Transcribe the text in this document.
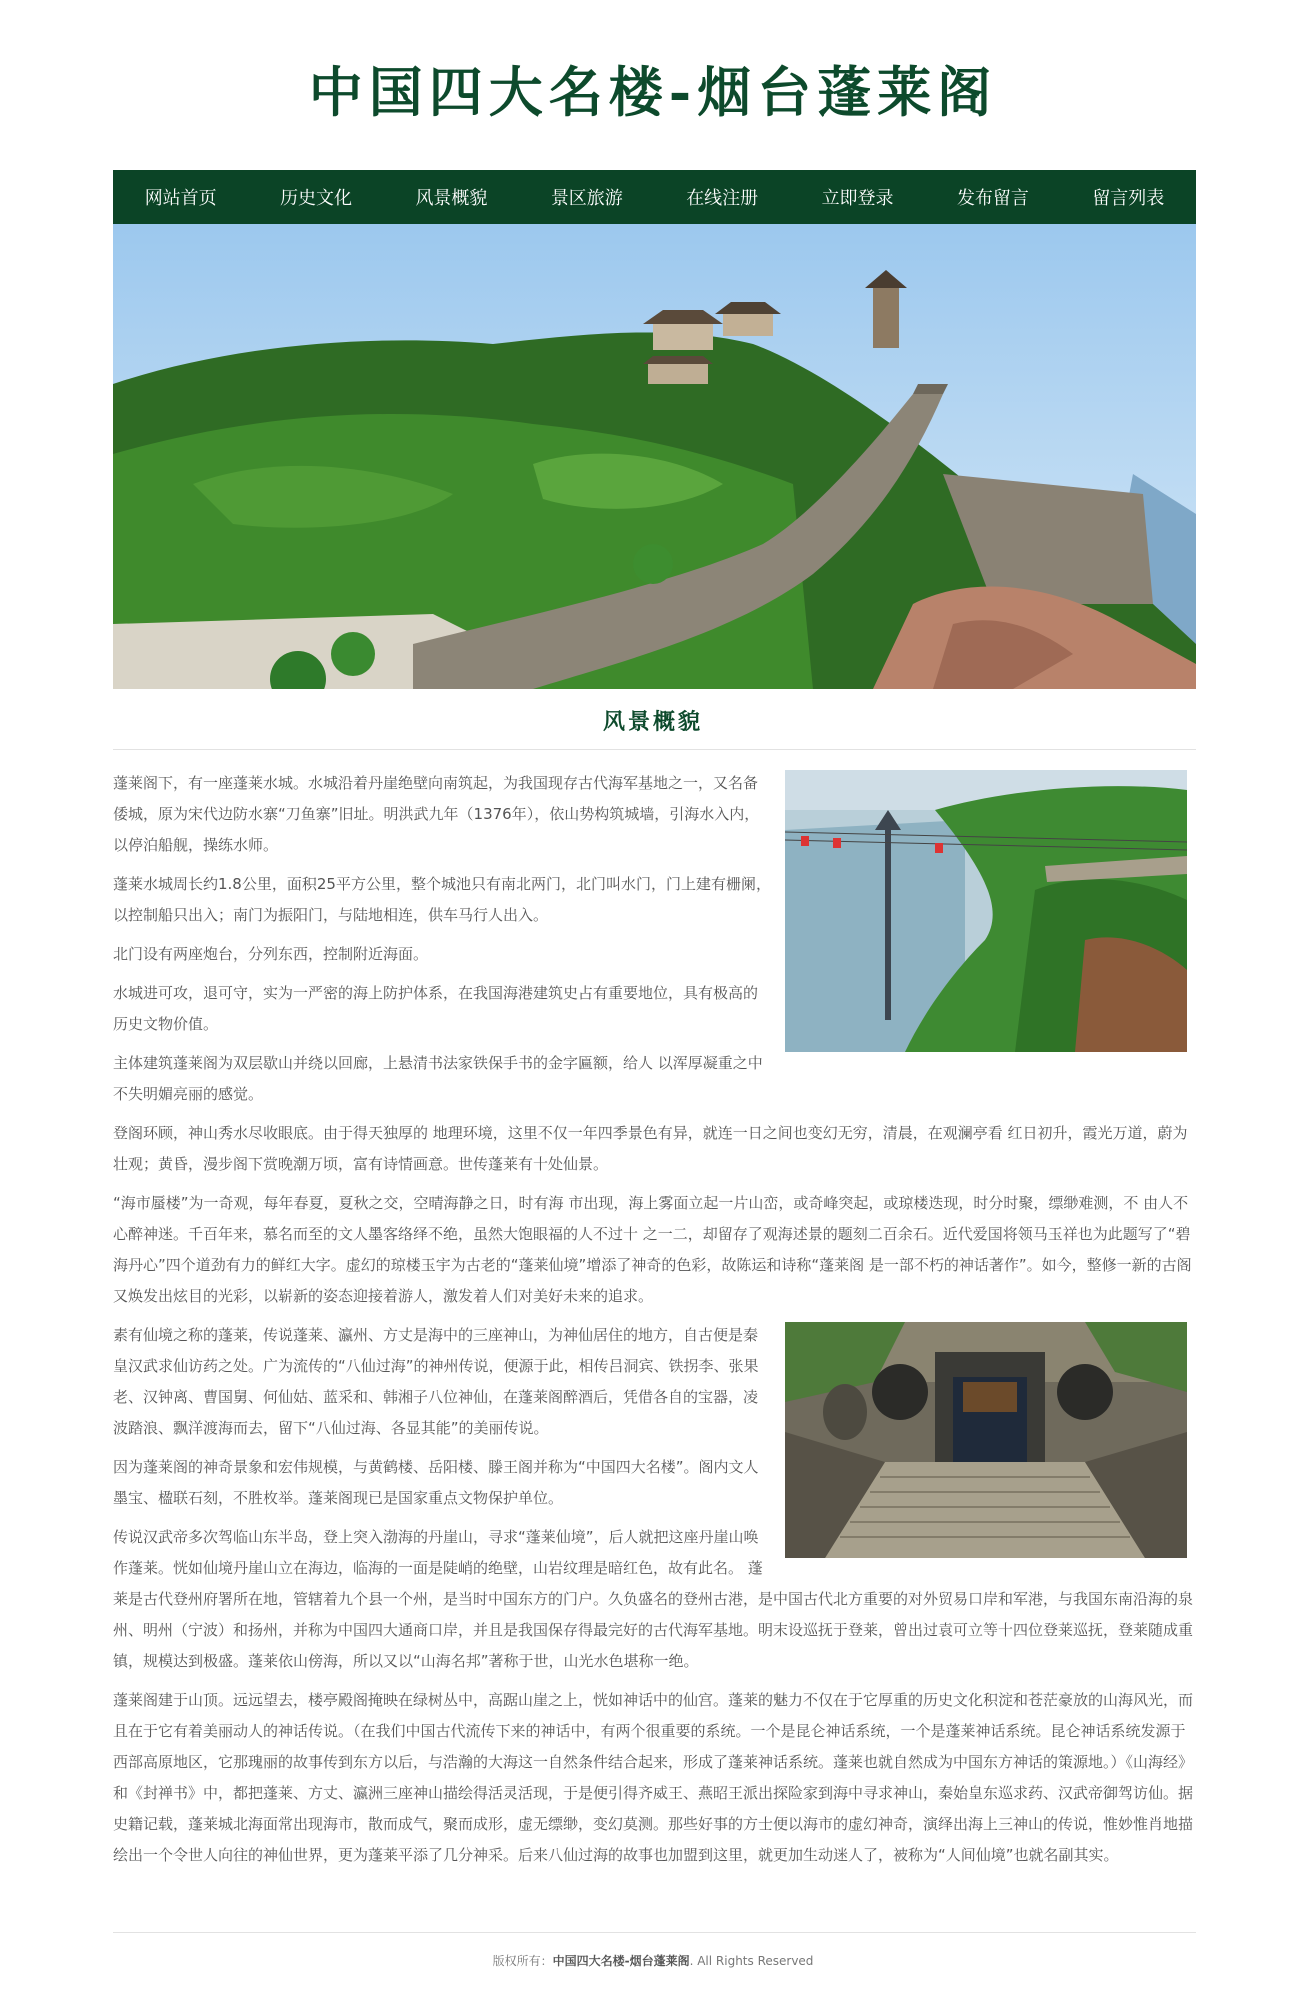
中国四大名楼-烟台蓬莱阁
网站首页	历史文化	风景概貌	景区旅游	在线注册	立即登录	发布留言	留言列表
风景概貌

蓬莱阁下，有一座蓬莱水城。水城沿着丹崖绝壁向南筑起，为我国现存古代海军基地之一，又名备倭城，原为宋代边防水寨“刀鱼寨”旧址。明洪武九年（1376年），依山势构筑城墙，引海水入内，以停泊船舰，操练水师。

蓬莱水城周长约1.8公里，面积25平方公里，整个城池只有南北两门，北门叫水门，门上建有栅阑，以控制船只出入；南门为振阳门，与陆地相连，供车马行人出入。

北门设有两座炮台，分列东西，控制附近海面。

水城进可攻，退可守，实为一严密的海上防护体系，在我国海港建筑史占有重要地位，具有极高的历史文物价值。

主体建筑蓬莱阁为双层歇山并绕以回廊，上悬清书法家铁保手书的金字匾额，给人 以浑厚凝重之中不失明媚亮丽的感觉。

登阁环顾，神山秀水尽收眼底。由于得天独厚的 地理环境，这里不仅一年四季景色有异，就连一日之间也变幻无穷，清晨，在观澜亭看 红日初升，霞光万道，蔚为壮观；黄昏，漫步阁下赏晚潮万顷，富有诗情画意。世传蓬莱有十处仙景。

“海市蜃楼”为一奇观，每年春夏，夏秋之交，空晴海静之日，时有海 市出现，海上雾面立起一片山峦，或奇峰突起，或琼楼迭现，时分时聚，缥缈难测，不 由人不心醉神迷。千百年来，慕名而至的文人墨客络绎不绝，虽然大饱眼福的人不过十 之一二，却留存了观海述景的题刻二百余石。近代爱国将领马玉祥也为此题写了“碧海丹心”四个道劲有力的鲜红大字。虚幻的琼楼玉宇为古老的“蓬莱仙境”增添了神奇的色彩，故陈运和诗称“蓬莱阁 是一部不朽的神话著作”。如今，整修一新的古阁 又焕发出炫目的光彩，以崭新的姿态迎接着游人，激发着人们对美好未来的追求。

素有仙境之称的蓬莱，传说蓬莱、瀛州、方丈是海中的三座神山，为神仙居住的地方，自古便是秦皇汉武求仙访药之处。广为流传的“八仙过海”的神州传说，便源于此，相传吕洞宾、铁拐李、张果老、汉钟离、曹国舅、何仙姑、蓝采和、韩湘子八位神仙，在蓬莱阁醉酒后，凭借各自的宝器，凌波踏浪、飘洋渡海而去，留下“八仙过海、各显其能”的美丽传说。

因为蓬莱阁的神奇景象和宏伟规模，与黄鹤楼、岳阳楼、滕王阁并称为“中国四大名楼”。阁内文人墨宝、楹联石刻，不胜枚举。蓬莱阁现已是国家重点文物保护单位。

传说汉武帝多次驾临山东半岛，登上突入渤海的丹崖山，寻求“蓬莱仙境”，后人就把这座丹崖山唤作蓬莱。恍如仙境丹崖山立在海边，临海的一面是陡峭的绝壁，山岩纹理是暗红色，故有此名。 蓬莱是古代登州府署所在地，管辖着九个县一个州，是当时中国东方的门户。久负盛名的登州古港，是中国古代北方重要的对外贸易口岸和军港，与我国东南沿海的泉州、明州（宁波）和扬州，并称为中国四大通商口岸，并且是我国保存得最完好的古代海军基地。明末设巡抚于登莱，曾出过袁可立等十四位登莱巡抚，登莱随成重镇，规模达到极盛。蓬莱依山傍海，所以又以“山海名邦”著称于世，山光水色堪称一绝。

蓬莱阁建于山顶。远远望去，楼亭殿阁掩映在绿树丛中，高踞山崖之上，恍如神话中的仙宫。蓬莱的魅力不仅在于它厚重的历史文化积淀和苍茫豪放的山海风光，而且在于它有着美丽动人的神话传说。（在我们中国古代流传下来的神话中，有两个很重要的系统。一个是昆仑神话系统，一个是蓬莱神话系统。昆仑神话系统发源于西部高原地区，它那瑰丽的故事传到东方以后，与浩瀚的大海这一自然条件结合起来，形成了蓬莱神话系统。蓬莱也就自然成为中国东方神话的策源地。）《山海经》和《封禅书》中，都把蓬莱、方丈、瀛洲三座神山描绘得活灵活现，于是便引得齐威王、燕昭王派出探险家到海中寻求神山，秦始皇东巡求药、汉武帝御驾访仙。据史籍记载，蓬莱城北海面常出现海市，散而成气，聚而成形，虚无缥缈，变幻莫测。那些好事的方士便以海市的虚幻神奇，演绎出海上三神山的传说，惟妙惟肖地描绘出一个令世人向往的神仙世界，更为蓬莱平添了几分神采。后来八仙过海的故事也加盟到这里，就更加生动迷人了，被称为“人间仙境”也就名副其实。

版权所有：中国四大名楼-烟台蓬莱阁. All Rights Reserved
